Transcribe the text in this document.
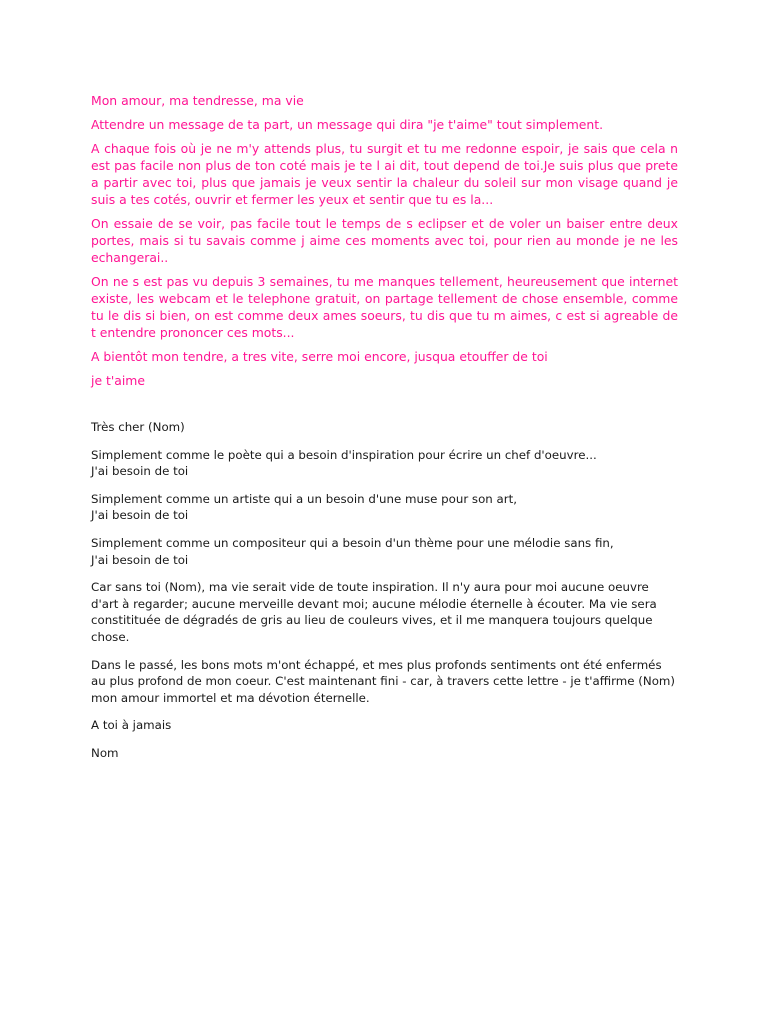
Mon amour, ma tendresse, ma vie

Attendre un message de ta part, un message qui dira "je t'aime" tout simplement.

A chaque fois où je ne m'y attends plus, tu surgit et tu me redonne espoir, je sais que cela n est pas facile non plus de ton coté mais je te l ai dit, tout depend de toi.Je suis plus que prete a partir avec toi, plus que jamais je veux sentir la chaleur du soleil sur mon visage quand je suis a tes cotés, ouvrir et fermer les yeux et sentir que tu es la...

On essaie de se voir, pas facile tout le temps de s eclipser et de voler un baiser entre deux portes, mais si tu savais comme j aime ces moments avec toi, pour rien au monde je ne les echangerai..

On ne s est pas vu depuis 3 semaines, tu me manques tellement, heureusement que internet existe, les webcam et le telephone gratuit, on partage tellement de chose ensemble, comme tu le dis si bien, on est comme deux ames soeurs, tu dis que tu m aimes, c est si agreable de t entendre prononcer ces mots...

A bientôt mon tendre, a tres vite, serre moi encore, jusqua etouffer de toi

je t'aime

Très cher (Nom)

Simplement comme le poète qui a besoin d'inspiration pour écrire un chef d'oeuvre...
J'ai besoin de toi

Simplement comme un artiste qui a un besoin d'une muse pour son art,
J'ai besoin de toi

Simplement comme un compositeur qui a besoin d'un thème pour une mélodie sans fin,
J'ai besoin de toi

Car sans toi (Nom), ma vie serait vide de toute inspiration. Il n'y aura pour moi aucune oeuvre d'art à regarder; aucune merveille devant moi; aucune mélodie éternelle à écouter. Ma vie sera constitituée de dégradés de gris au lieu de couleurs vives, et il me manquera toujours quelque chose.

Dans le passé, les bons mots m'ont échappé, et mes plus profonds sentiments ont été enfermés au plus profond de mon coeur. C'est maintenant fini - car, à travers cette lettre - je t'affirme (Nom) mon amour immortel et ma dévotion éternelle.

A toi à jamais

Nom
